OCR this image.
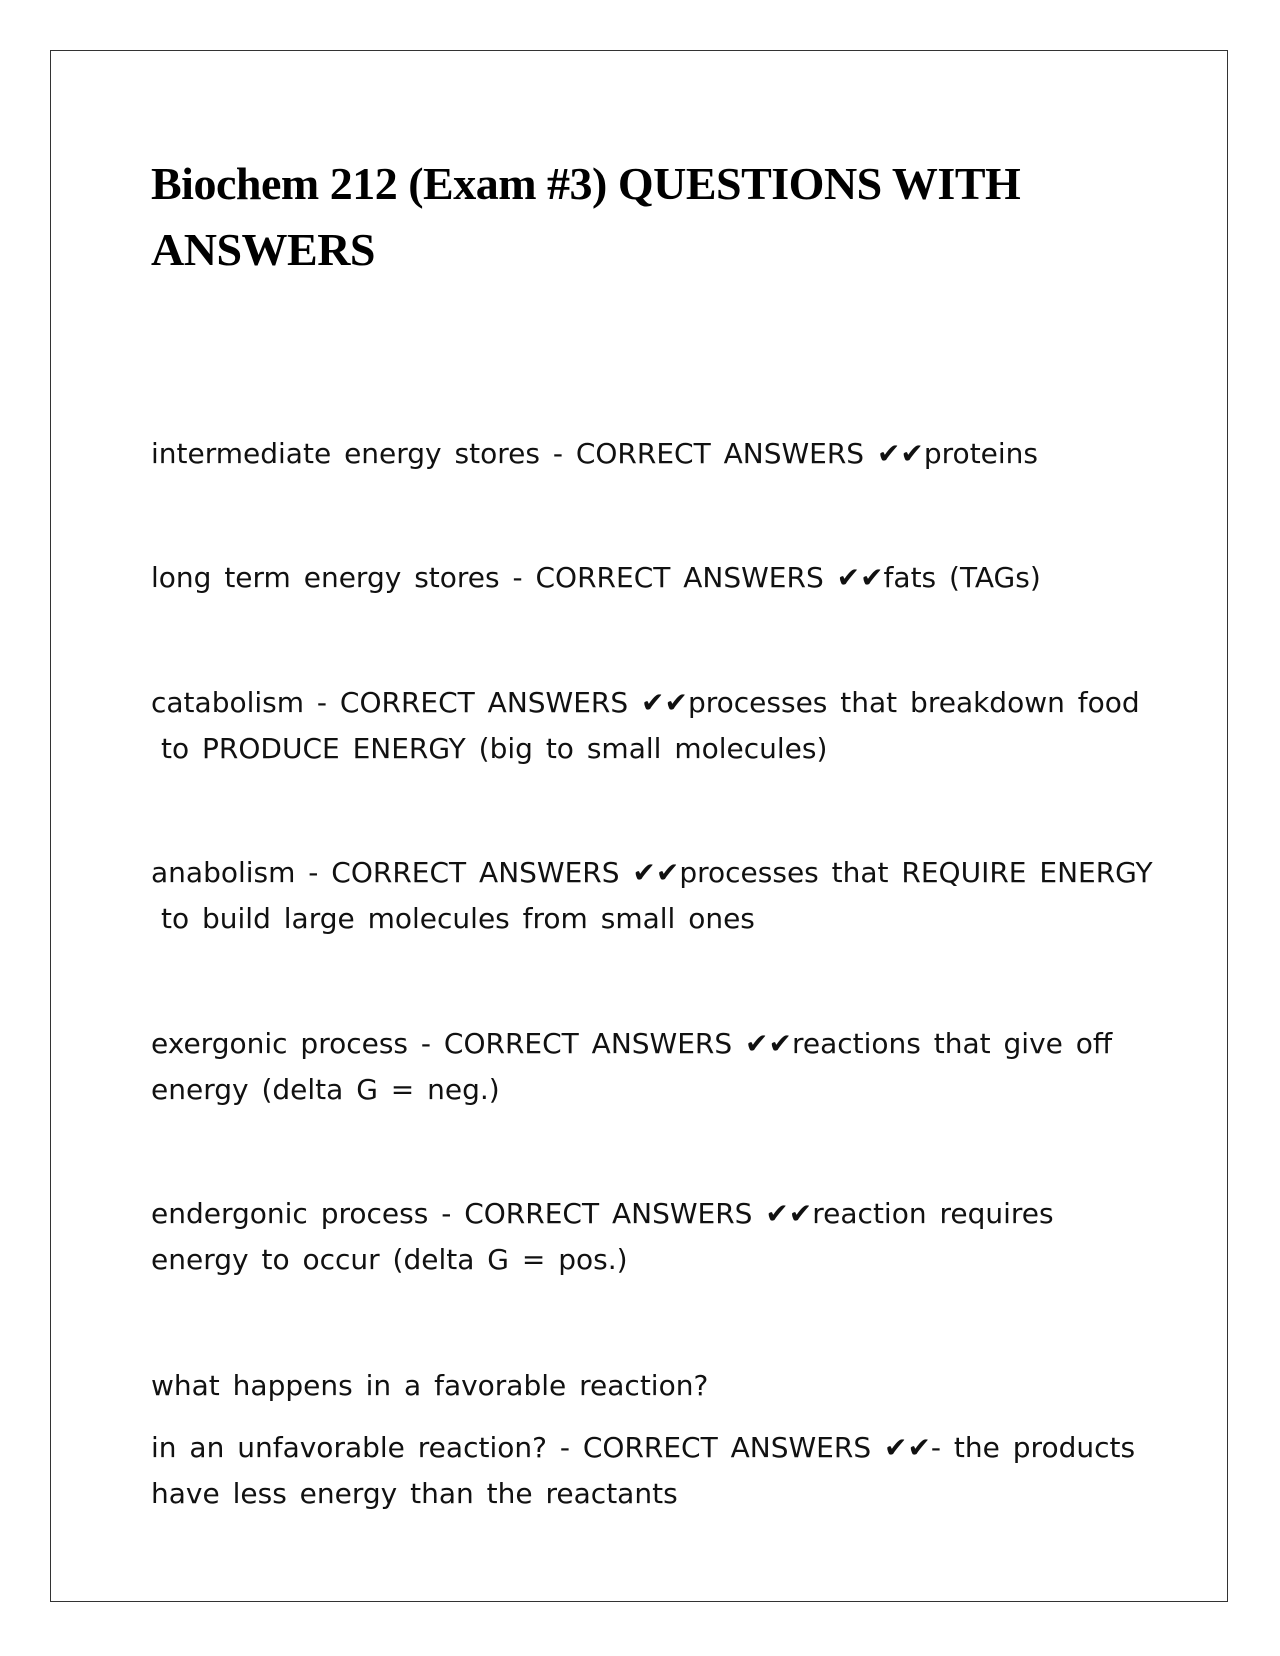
Biochem 212 (Exam #3) QUESTIONS WITH ANSWERS

intermediate energy stores - CORRECT ANSWERS ✔✔proteins

long term energy stores - CORRECT ANSWERS ✔✔fats (TAGs)

catabolism - CORRECT ANSWERS ✔✔processes that breakdown food
to PRODUCE ENERGY (big to small molecules)

anabolism - CORRECT ANSWERS ✔✔processes that REQUIRE ENERGY
to build large molecules from small ones

exergonic process - CORRECT ANSWERS ✔✔reactions that give off
energy (delta G = neg.)

endergonic process - CORRECT ANSWERS ✔✔reaction requires
energy to occur (delta G = pos.)

what happens in a favorable reaction?

in an unfavorable reaction? - CORRECT ANSWERS ✔✔- the products
have less energy than the reactants
